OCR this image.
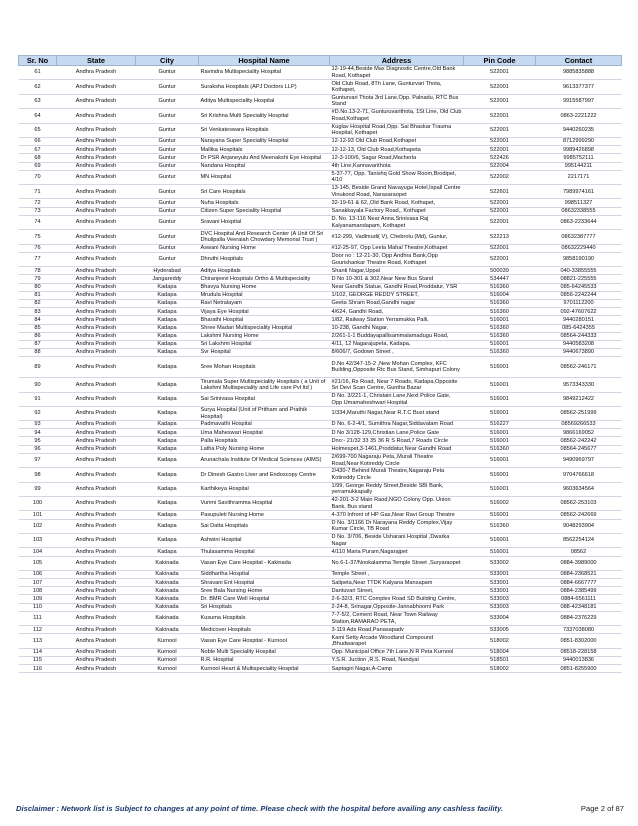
Sr. No	State	City	Hospital Name	Address	Pin Code	Contact
61	Andhra Pradesh	Guntur	Ravindra Multispeciality Hospital	12-19-44,Beside Max Diagnostic Centre,Old Bank Road, Kothapet	522001	9885835888
62	Andhra Pradesh	Guntur	Suraksha Hospitals (APJ Doctors LLP)	Old Club Road, 8Th Lane, Gunturvari Thota, Kothapet,	522001	9613377377
63	Andhra Pradesh	Guntur	Aditya Multispeciality Hospital	Gunturvari Thota 3rd Lane,Opp. Palnadu, RTC Bus Stand	522001	9915587997
64	Andhra Pradesh	Guntur	Sri Krishna Multi Speciality Hospital	#D.No.13-2-71, Gunturuvarithota, 1St Line, Old Club Road,Kothapet	522001	0863-2221222
65	Andhra Pradesh	Guntur	Sri Venkateswara Hospitals	Kuglav Hospital Road,Opp. Sai Bhaskar Trauma Hospital, Kothapet	522001	9440260235
66	Andhra Pradesh	Guntur	Narayana Super Speciality Hospital	12-12-93 Old Club Road,Kothapet	522001	8712999290
67	Andhra Pradesh	Guntur	Mallika Hospitals	12-12-13, Old Club Road,Kothapeta	522001	9989426898
68	Andhra Pradesh	Guntur	Dr PSR Anjaneyulu And Meenakshi Eye Hospital	12-3-100/6, Sagar Road,Macherla	522426	9985752111
69	Andhra Pradesh	Guntur	Nandana Hospital	4th Line,Kannavarithota	522004	995144211
70	Andhra Pradesh	Guntur	MN Hospital	5-37-77, Opp. Tanishq Gold Show Room,Brodipet, 4/10	522002	2217171
71	Andhra Pradesh	Guntur	Sri Care Hospitals	13-145, Beside Grand Navayuga Hotel,Ispall Centre Vinukond Road, Narasaraopet	522601	7989974161
72	Andhra Pradesh	Guntur	Nuha Hospitals	32-19-61 & 62,,Old Bank Road, Kothapet,	522001	998511327
73	Andhra Pradesh	Guntur	Citizen Super Speciality Hospital	Sanakkayala Factory Road,, Kothapet	522001	08632338555
74	Andhra Pradesh	Guntur	Sravani Hospital	D. No. 13-116 Near Anna,Srinivasa Raj Kalyanamandapam, Kothapet	522001	0863-2233644
75	Andhra Pradesh	Guntur	DVC Hospital And Research Center (A Unit Of Sri Dhulipalla Veeraiah Chowdary Memorial Trust )	#12-299, Vadlmudi( V), Chebrolu (Md), Guntur,	522213	08632387777
76	Andhra Pradesh	Guntur	Aswani Nursing Home	#12-25-97, Opp Leela Mahal Theatre,Kothapet	522001	08632229440
77	Andhra Pradesh	Guntur	Dhruthi Hospitals	Door no : 12-21-30, Opp Andhra Bank,Opp Gourishankar Theatre Road, Kothapet	522001	9858190190
78	Andhra Pradesh	Hyderabad	Aditya Hospitals	Shanti Nagar,Uppal	500039	040-33855555
79	Andhra Pradesh	Jangareddy	Chiranjeevi Hospitals Ortho & Multispeciality	D No 10-301 & 302,Near New Bus Stand	534447	08821-225555
80	Andhra Pradesh	Kadapa	Bhavya Nursing Home	Near Gandhi Statue, Gandhi Road,Proddatur, YSR	516360	085-64245533
81	Andhra Pradesh	Kadapa	Mrudula Hospital	1/102, GEORGE REDDY STREET,	516004	0856-2242244
82	Andhra Pradesh	Kadapa	Ravi Netralayam	Geeta Shram Road,Gandhi nagar	516360	9701112200
83	Andhra Pradesh	Kadapa	Vijaya Eye Hospital	4/624, Gandhi Road,	516360	092-47607622
84	Andhra Pradesh	Kadapa	Bharathi Hospital	1/82, Railway Station Yerramukka Palli,	516001	9440280151
85	Andhra Pradesh	Kadapa	Shree Madan Multispeciality Hospital	10-238, Gandhi Nagar,	516360	085-6424355
86	Andhra Pradesh	Kadapa	Lakshmi Nursing Home	2/261-1-1 Buddayapallisammalamadugu Road,	516360	08564-244333
87	Andhra Pradesh	Kadapa	Sri Lakshmi Hospital	4/11, 12 Nagarajupeta, Kadapa,	516001	9440583208
88	Andhra Pradesh	Kadapa	Svr Hospital	8/606/7, Godown Street ,	516360	9440673890
89	Andhra Pradesh	Kadapa	Sree Mohan Hospitals	D.No 42/347-15-2 ,New Mohan Complex, KFC Building,Opposite Rtc Bus Stand, Simhapuri Colony	516001	08562-246171
90	Andhra Pradesh	Kadapa	Tirumala Super Multispeciality Hospitals ( a Unit of Lakshmi Multispeciality and Life care Pvt ltd )	#21/16, Rs Road, Near 7 Roads, Kadapa,Opposite Sri Devi Scan Centre, Guntha Bazar	516001	9573343330
91	Andhra Pradesh	Kadapa	Sai Srinivasa Hospital	D No. 3/221-1, Christain Lane,Next Police Gate, Opp Umamaheshwari Hospital	516001	9849212422
92	Andhra Pradesh	Kadapa	Surya Hospital (Unit of Pritham and Prathik Hospital)	1/334,Maruthi Nagar,Near R.T.C Bust stand	516001	08562-251999
93	Andhra Pradesh	Kadapa	Padmavathi Hospital	D No, 6-2-4/1, Sumithra Nagar,Siddavatam Road	516227	08569266533
94	Andhra Pradesh	Kadapa	Uma Maheswari Hospital	D No 3/128-129,Christian Lane,Police Gate	516001	9866169052
95	Andhra Pradesh	Kadapa	Palla Hospitals	Dno:- 21/32 33 35 36 R S Road,7 Roads Circle	516001	08562-242242
96	Andhra Pradesh	Kadapa	Latha Poly Nursing Home	Holmespet,3-1461,Proddatur,Near Gandhi Road	516360	08564-245677
97	Andhra Pradesh	Kadapa	Arunachala Institute Of Medical Sciences (AIMS)	2/699-700 Nagaraju Peta,,Murali Theatre Road,Near Kotireddy Circle	516001	9490969797
98	Andhra Pradesh	Kadapa	Dr Dinesh Gastro Liver and Endoscopy Centre	2/430-7 Behind Murali Theatre,Nagaraju Peta Kotireddy Circle	516001	9704766618
99	Andhra Pradesh	Kadapa	Karthikeya Hospital	1/99, George Reddy Street,Beside SBI Bank, yerramukkapally	516001	9603634564
100	Andhra Pradesh	Kadapa	Vurimi Savithramma Hospital	42-201-3-2 Main Raod,NGO Colony Opp. Union Bank, Bus stand	516002	08562-253103
101	Andhra Pradesh	Kadapa	Pasupuleti Nursing Home	4-370 Infront of HP Gas,Near Ravi Group Theatre	516001	08562-242669
102	Andhra Pradesh	Kadapa	Sai Datta Hospitals	D No. 3/1166 Dr Narayana Reddy Complex,Vijay Kumar Circle, TB Road	516360	9048293904
103	Andhra Pradesh	Kadapa	Ashwini Hospital	D No. 3/706, Beside Usharani Hospital ,Dwarka Nagar	516001	8562254124
104	Andhra Pradesh	Kadapa	Thulasamma Hospital	4/110 Maria Puram,Nagarajpet	516001	08562
105	Andhra Pradesh	Kakinada	Vasan Eye Care Hospital - Kakinada	No.6-1-37/Nookalamma Temple Street ,Suryaraopet	533002	0884-3989000
106	Andhra Pradesh	Kakinada	Siddhartha Hospital	Temple Street ,	533001	0884-2368521
107	Andhra Pradesh	Kakinada	Shravani Ent Hospital	Salipeta,Near TTDK Kalyana Mansapam	533001	0884-6667777
108	Andhra Pradesh	Kakinada	Sree Bala Nursing Home	Dantuvari Street,	533001	0884-2385499
109	Andhra Pradesh	Kakinada	Dr. BMR Care Well Hospital	2-6-32/3, RTC Complex Road SD Building Centre,	533003	0884-6561111
110	Andhra Pradesh	Kakinada	Sri Hospitals	2-24-8, Srinagar,Opposite-Jannabhoomi Park	533003	088-42348181
111	Andhra Pradesh	Kakinada	Kusuma Hospitals	7-7-5/2, Cement Road, Near Town Railway Station,RAMARAO PETA,	533004	0884-2376229
112	Andhra Pradesh	Kakinada	Medicover Hospitals	3-119 Ads Road,Panasapadv	533005	7337038080
113	Andhra Pradesh	Kurnool	Vasan Eye Care Hospital - Kurnool	Kami Setty Arcade Woodland Compound ,Bhudwarapet	518002	0851-8302000
114	Andhra Pradesh	Kurnool	Noble Multi Speciality Hospital	Opp. Municipal Office 7th Lane,N R Peta Kurnool	518004	08518-228158
115	Andhra Pradesh	Kurnool	R.R. Hospital	Y.S.R. Juction ,R.S. Road, Nandyal	518501	9440013836
116	Andhra Pradesh	Kurnool	Kurnool Heart & Multispeciality Hospital	Saptagiri Nagar,A-Camp	518002	0851-8255900
Disclaimer : Network list is Subject to changes at any point of time. Please check with the hospital before availing any cashless facility.	Page 2 of 87
